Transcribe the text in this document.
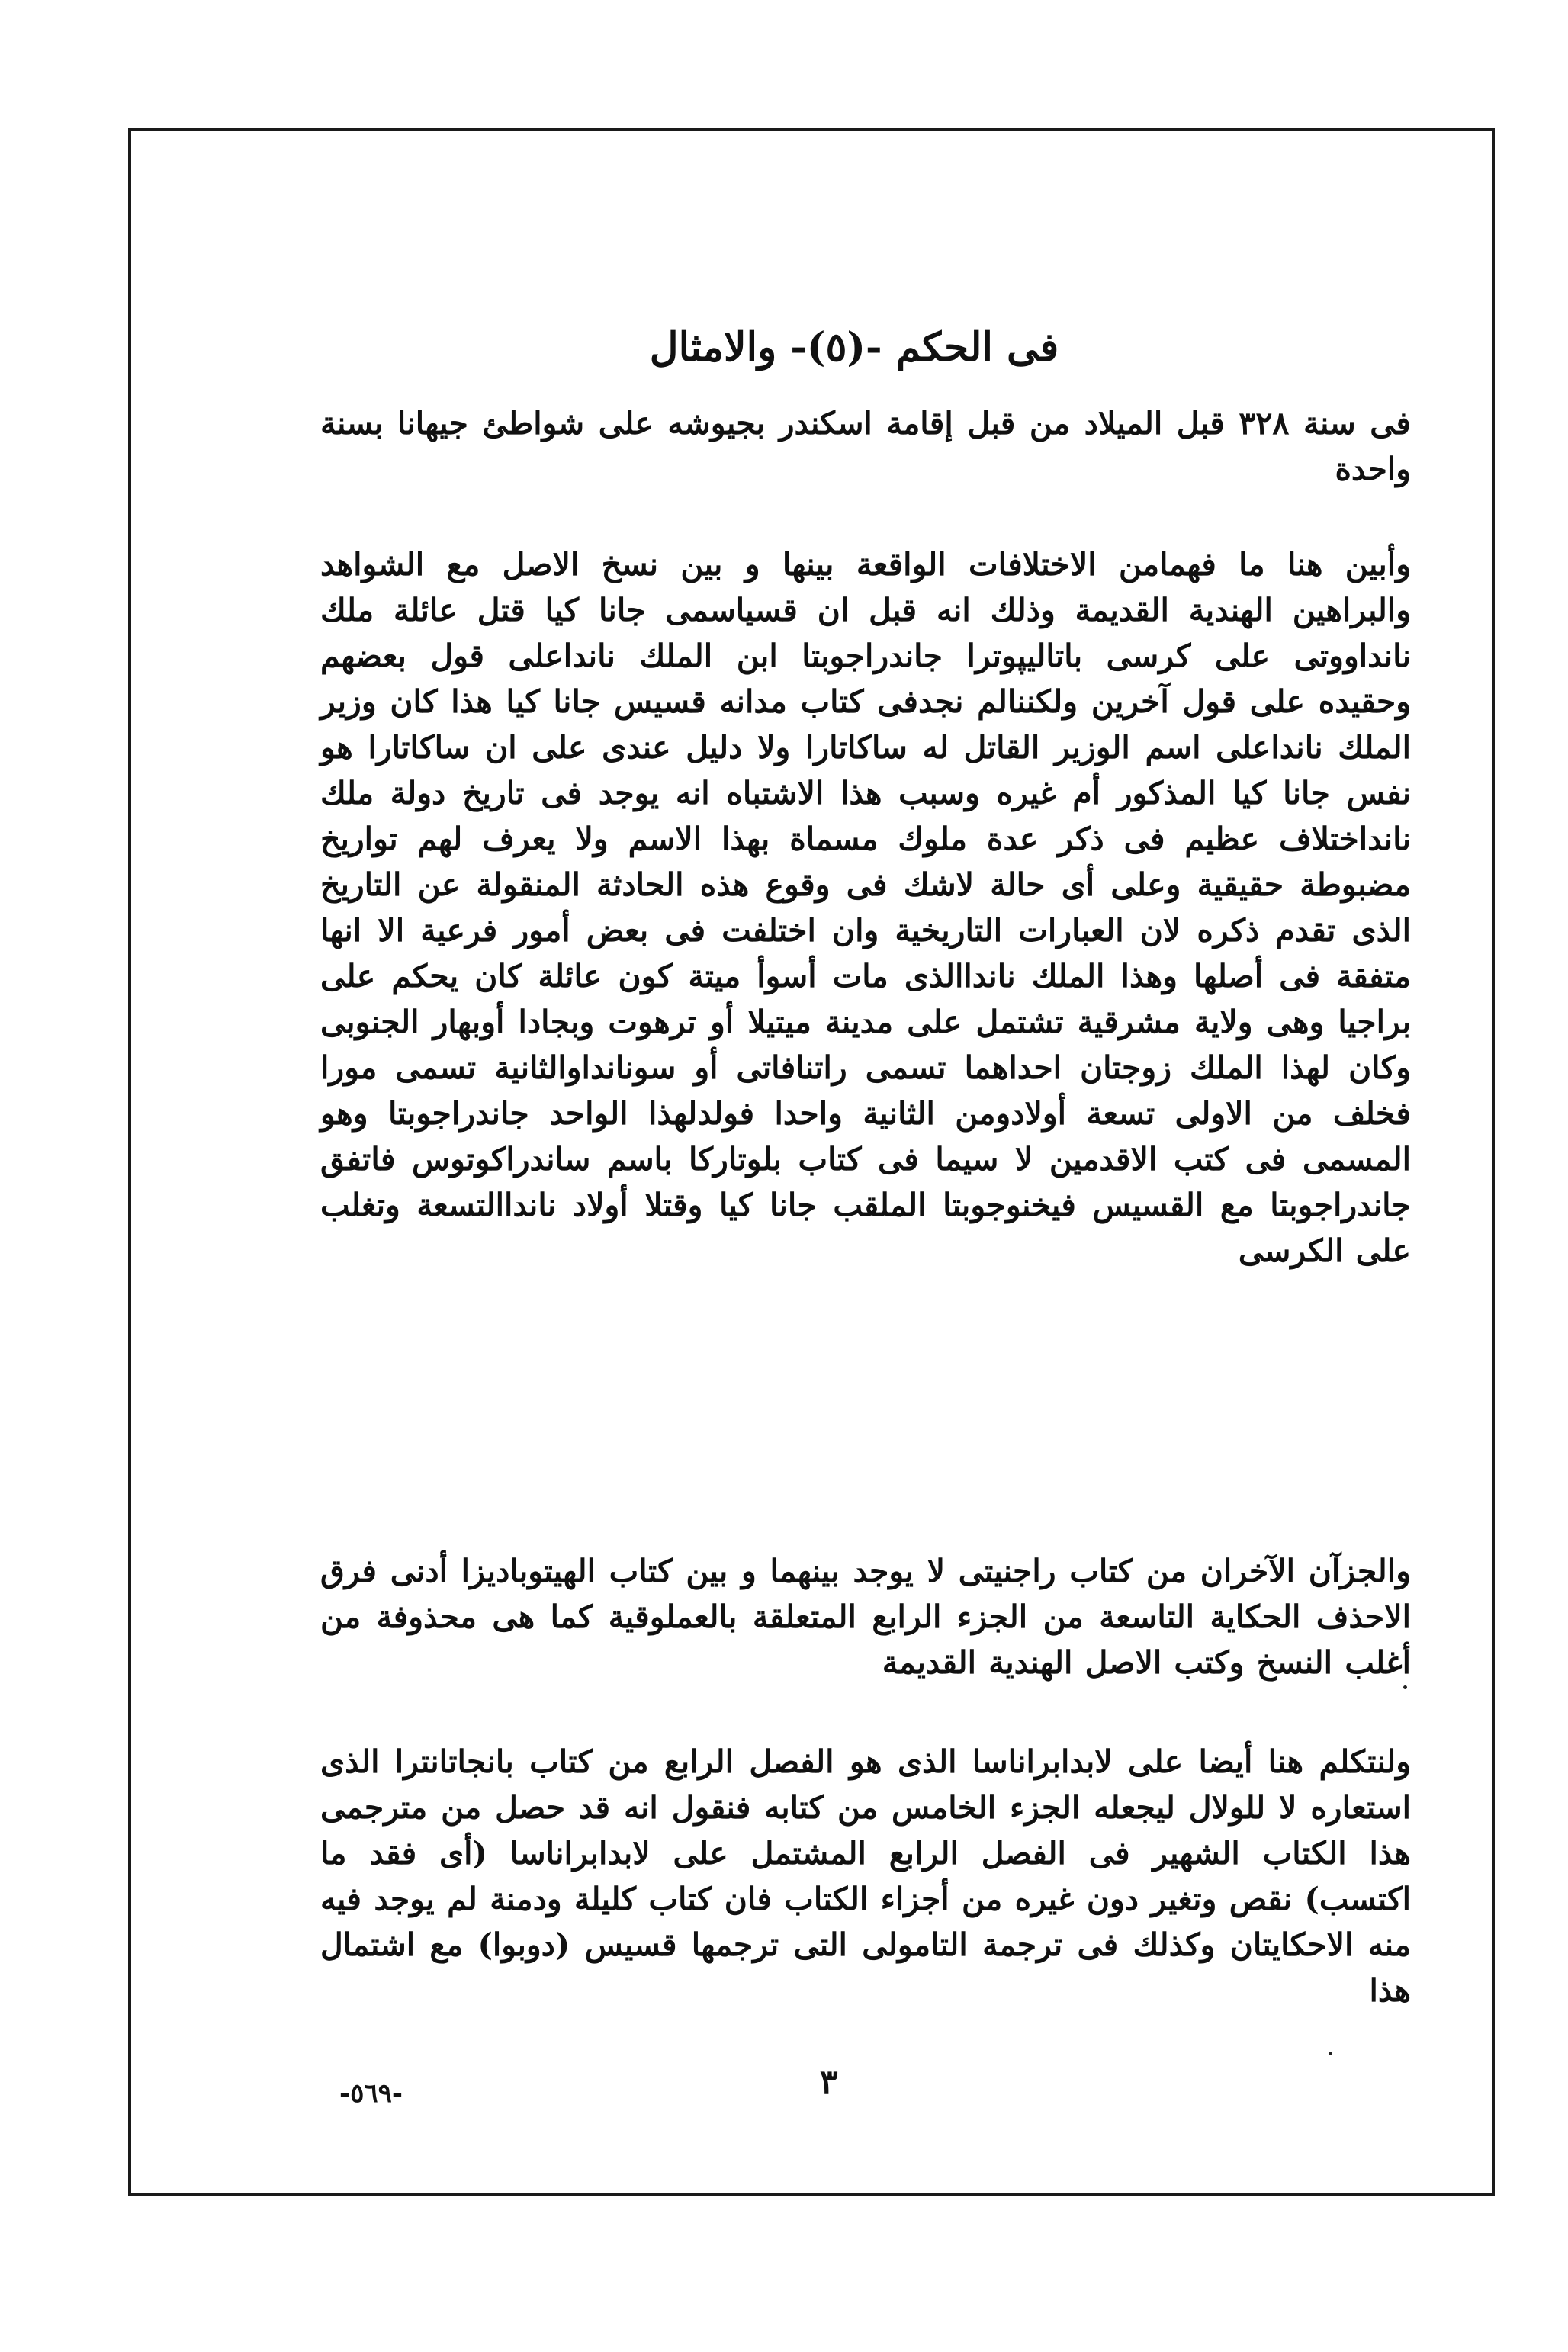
فی الحکم -(٥)- والامثال
فی سنة ٣٢٨ قبل المیلاد من قبل إقامة اسکندر بجیوشه علی شواطئ جیهانا بسنة واحدة
وأبین هنا ما فهمامن الاختلافات الواقعة بینها و بین نسخ الاصل مع الشواهد والبراهین الهندیة القدیمة وذلك انه قبل ان قسیاسمی جانا کیا قتل عائلة ملك نانداووتی علی کرسی باتالیپوترا جاندراجوبتا ابن الملك نانداعلی قول بعضهم وحقیده علی قول آخرین ولکننالم نجدفی کتاب مدانه قسیس جانا کیا هذا کان وزیر الملك نانداعلی اسم الوزیر القاتل له ساکاتارا ولا دلیل عندی علی ان ساکاتارا هو نفس جانا کیا المذکور أم غیره وسبب هذا الاشتباه انه یوجد فی تاریخ دولة ملك نانداختلاف عظیم فی ذکر عدة ملوك مسماة بهذا الاسم ولا یعرف لهم تواریخ مضبوطة حقیقیة وعلی أی حالة لاشك فی وقوع هذه الحادثة المنقولة عن التاریخ الذی تقدم ذکره لان العبارات التاریخیة وان اختلفت فی بعض أمور فرعیة الا انها متفقة فی أصلها وهذا الملك نانداالذی مات أسوأ میتة کون عائلة کان یحکم علی براجیا وهی ولایة مشرقیة تشتمل علی مدینة میتیلا أو ترهوت وبجادا أوبهار الجنوبی وکان لهذا الملك زوجتان احداهما تسمی راتنافاتی أو سونانداوالثانیة تسمی مورا فخلف من الاولی تسعة أولادومن الثانیة واحدا فولدلهذا الواحد جاندراجوبتا وهو المسمی فی کتب الاقدمین لا سیما فی کتاب بلوتارکا باسم ساندراکوتوس فاتفق جاندراجوبتا مع القسیس فیخنوجوبتا الملقب جانا کیا وقتلا أولاد نانداالتسعة وتغلب علی الکرسی
والجزآن الآخران من کتاب راجنیتی لا یوجد بینهما و بین کتاب الهیتوبادیزا أدنی فرق الاحذف الحکایة التاسعة من الجزء الرابع المتعلقة بالعملوقیة کما هی محذوفة من أغلب النسخ وکتب الاصل الهندیة القدیمة
ولنتکلم هنا أیضا علی لابدابراناسا الذی هو الفصل الرابع من کتاب بانجاتانترا الذی استعاره لا للولال لیجعله الجزء الخامس من کتابه فنقول انه قد حصل من مترجمی هذا الکتاب الشهیر فی الفصل الرابع المشتمل علی لابدابراناسا (أی فقد ما اکتسب) نقص وتغیر دون غیره من أجزاء الکتاب فان کتاب کلیلة ودمنة لم یوجد فیه منه الاحکایتان وکذلك فی ترجمة التامولی التی ترجمها قسیس (دوبوا) مع اشتمال هذا
-٥٦٩-	٣
